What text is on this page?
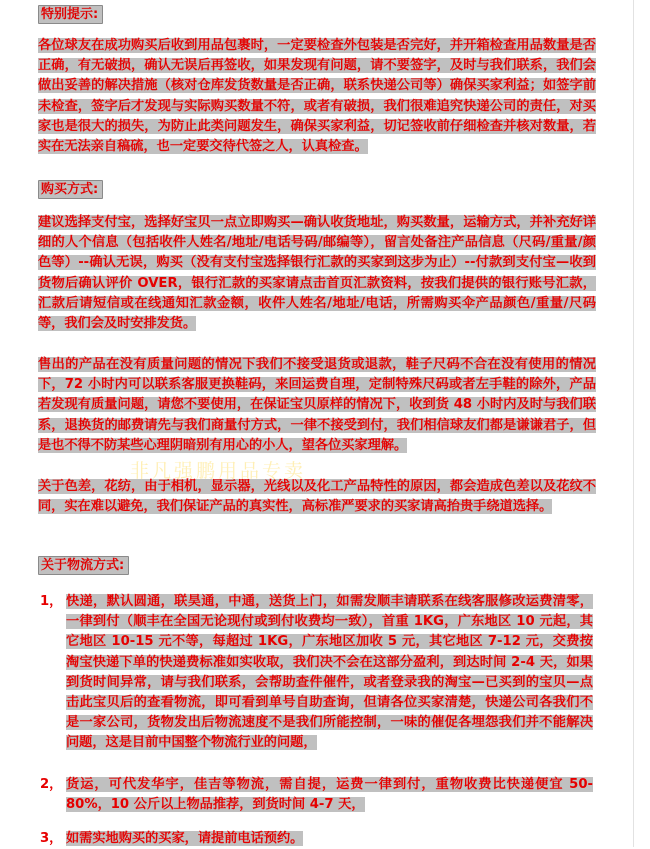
特别提示:
各位球友在成功购买后收到用品包裹时，一定要检查外包装是否完好，并开箱检查用品数量是否正确，有无破损，确认无误后再签收，如果发现有问题，请不要签字，及时与我们联系，我们会做出妥善的解决措施（核对仓库发货数量是否正确，联系快递公司等）确保买家利益；如签字前未检查，签字后才发现与实际购买数量不符，或者有破损，我们很难追究快递公司的责任，对买家也是很大的损失，为防止此类问题发生，确保买家利益，切记签收前仔细检查并核对数量，若实在无法亲自稿硫，也一定要交待代签之人，认真检查。
购买方式:
建议选择支付宝，选择好宝贝一点立即购买—确认收货地址，购买数量，运输方式，并补充好详细的人个信息（包括收件人姓名/地址/电话号码/邮编等），留言处备注产品信息（尺码/重量/颜色等）--确认无误，购买（没有支付宝选择银行汇款的买家到这步为止）--付款到支付宝—收到货物后确认评价 OVER，银行汇款的买家请点击首页汇款资料，按我们提供的银行账号汇款，汇款后请短信或在线通知汇款金额，收件人姓名/地址/电话，所需购买伞产品颜色/重量/尺码等，我们会及时安排发货。
售出的产品在没有质量问题的情况下我们不接受退货或退款，鞋子尺码不合在没有使用的情况下，72 小时内可以联系客服更换鞋码，来回运费自理，定制特殊尺码或者左手鞋的除外，产品若发现有质量问题，请您不要使用，在保证宝贝原样的情况下，收到货 48 小时内及时与我们联系，退换货的邮费请先与我们商量付方式，一律不接受到付，我们相信球友们都是谦谦君子，但是也不得不防某些心理阴暗别有用心的小人，望各位买家理解。
关于色差，花纺，由于相机，显示器，光线以及化工产品特性的原因，都会造成色差以及花纹不同，实在难以避免，我们保证产品的真实性，高标准严要求的买家请高抬贵手绕道选择。
关于物流方式:
1， 快递，默认圆通，联昊通，中通，送货上门，如需发顺丰请联系在线客服修改运费清零，一律到付（顺丰在全国无论现付或到付收费均一致），首重 1KG，广东地区 10 元起，其它地区 10-15 元不等，每超过 1KG，广东地区加收 5 元，其它地区 7-12 元，交费按淘宝快递下单的快递费标准如实收取，我们决不会在这部分盈利，到达时间 2-4 天，如果到货时间异常，请与我们联系，会帮助查件催件，或者登录我的淘宝—已买到的宝贝—点击此宝贝后的查看物流，即可看到单号自助查询，但请各位买家清楚，快递公司各我们不是一家公司，货物发出后物流速度不是我们所能控制，一味的催促各埋怨我们并不能解决问题，这是目前中国整个物流行业的问题，
2， 货运，可代发华宇，佳吉等物流，需自提，运费一律到付，重物收费比快递便宜 50-80%，10 公斤以上物品推荐，到货时间 4-7 天，
3， 如需实地购买的买家，请提前电话预约。
非凡强鹏用品专卖
